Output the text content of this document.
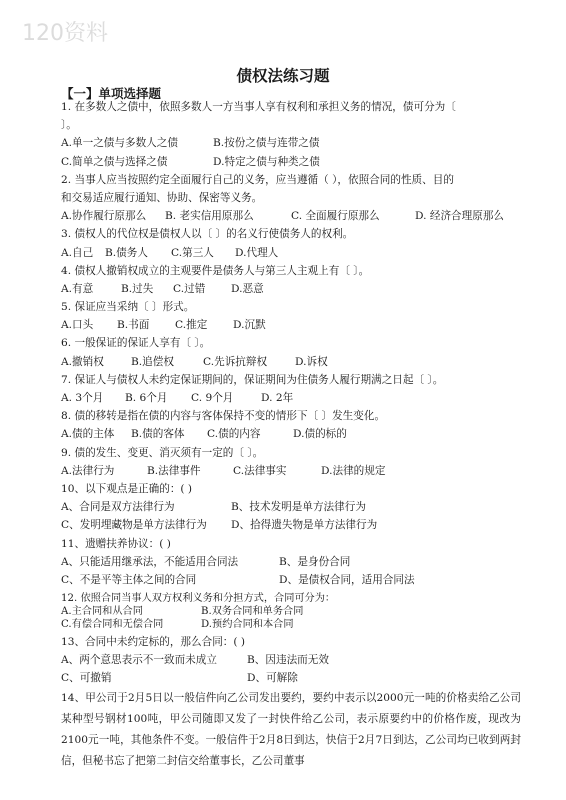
120资料
债权法练习题
【一】单项选择题
1. 在多数人之债中，依照多数人一方当事人享有权利和承担义务的情况，债可分为〔
〕。
A.单一之债与多数人之债	B.按份之债与连带之债
C.简单之债与选择之债	D.特定之债与种类之债
2. 当事人应当按照约定全面履行自己的义务，应当遵循（ ），依照合同的性质、目的
和交易适应履行通知、协助、保密等义务。
A.协作履行原那么 B. 老实信用原那么	C. 全面履行原那么	D. 经济合理原那么
3. 债权人的代位权是债权人以〔 〕的名义行使债务人的权利。
A.自己 B.债务人 C.第三人 D.代理人
4. 债权人撤销权成立的主观要件是债务人与第三人主观上有〔 〕。
A.有意	B.过失 C.过错 D.恶意
5. 保证应当采纳〔 〕形式。
A.口头 B.书面 C.推定 D.沉默
6. 一般保证的保证人享有〔 〕。
A.撤销权	B.追偿权	C.先诉抗辩权	D.诉权
7. 保证人与债权人未约定保证期间的，保证期间为住债务人履行期满之日起〔 〕。
A. 3个月 B. 6个月 C. 9个月	D. 2年
8. 债的移转是指在债的内容与客体保持不变的情形下〔 〕发生变化。
A.债的主体 B.债的客体 C.债的内容	D.债的标的
9. 债的发生、变更、消灭须有一定的〔 〕。
A.法律行为	B.法律事件	C.法律事实	D.法律的规定
10、以下观点是正确的：( )
A、合同是双方法律行为	B、技术发明是单方法律行为
C、发明埋藏物是单方法律行为 D、拾得遗失物是单方法律行为
11、遗赠扶养协议：( )
A、只能适用继承法，不能适用合同法	B、是身份合同
C、不是平等主体之间的合同	D、是债权合同，适用合同法
12. 依照合同当事人双方权利义务和分担方式，合同可分为：
A.主合同和从合同	B.双务合同和单务合同
C.有偿合同和无偿合同	D.预约合同和本合同
13、合同中未约定标的，那么合同：( )
A、两个意思表示不一致而未成立	B、因违法而无效
C、可撤销	D、可解除
14、甲公司于2月5日以一般信件向乙公司发出要约，要约中表示以2000元一吨的价格卖给乙公司某种型号钢材100吨，甲公司随即又发了一封快件给乙公司，表示原要约中的价格作废，现改为2100元一吨，其他条件不变。一般信件于2月8日到达，快信于2月7日到达，乙公司均已收到两封信，但秘书忘了把第二封信交给董事长，乙公司董事
